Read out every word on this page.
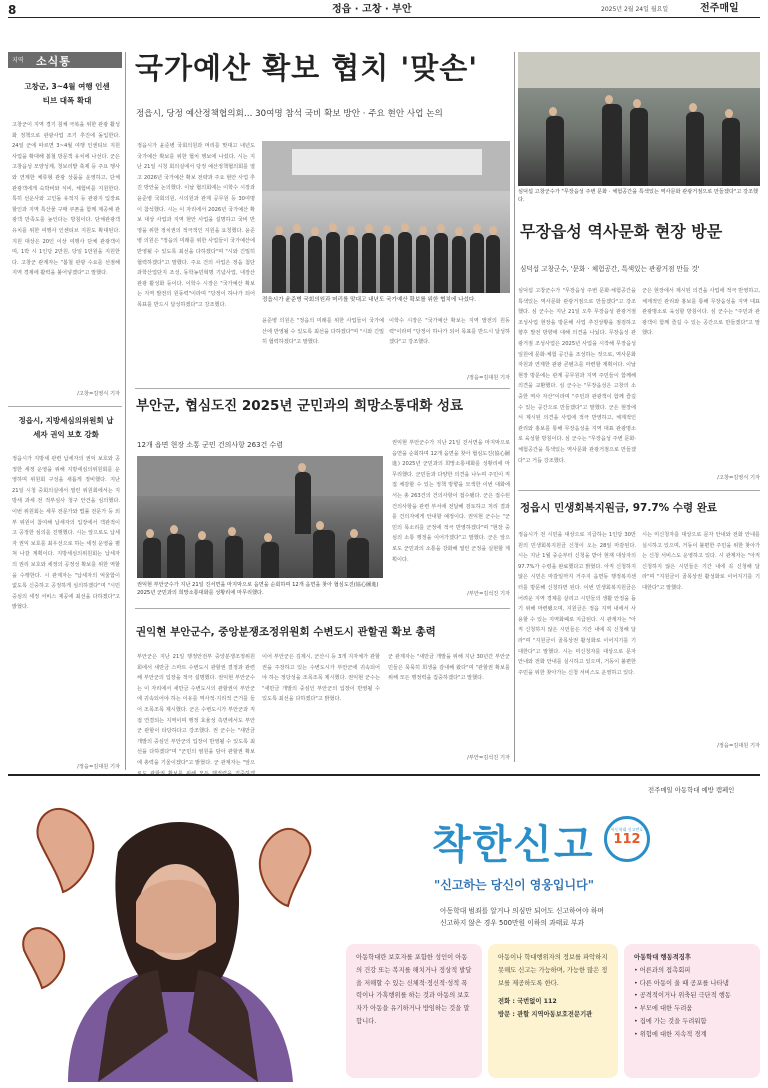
8	정읍 · 고창 · 부안	2025년 2월 24일 월요일	전주매일
지역 소식통
고창군, 3~4월 여행 인센티브 대폭 확대
고창군이 지역 경기 침체 극복을 위한 관광 활성화 정책으로 관광사업 조기 추진에 돌입한다. 24일 군에 따르면 3~4월 여행 인센티브 지원 사업을 확대해 봄철 방문객 유치에 나선다. 군은 고창읍성 모양성제, 청보리밭 축제 등 주요 행사와 연계한 체류형 관광 상품을 운영하고, 단체 관광객에게 숙박비와 식비, 체험비를 지원한다. 특히 선운사와 고인돌 유적지 등 관광지 입장료 할인과 지역 특산물 구매 쿠폰을 함께 제공해 관광객 만족도를 높인다는 방침이다. 단체관광객 유치를 위한 여행사 인센티브 지원도 확대된다. 지원 대상은 20인 이상 여행사 단체 관광객이며, 1박 시 1인당 2만원, 당일 1만원을 지원한다. 고창군 관계자는 "봄철 관광 수요를 선점해 지역 경제에 활력을 불어넣겠다"고 말했다.
/고창=김영식 기자
정읍시, 지방세심의위원회 납세자 권익 보호 강화
정읍시가 지방세 관련 납세자의 권익 보호와 공정한 세정 운영을 위해 지방세심의위원회를 운영하며 위원회 구성을 새롭게 정비했다. 지난 21일 시청 중회의실에서 열린 위원회에서는 지방세 과세 전 적부심사 청구 안건을 심의했다. 이번 위원회는 세무 전문가와 법률 전문가 등 외부 위원이 참여해 납세자의 입장에서 객관적이고 공정한 심의를 진행했다. 시는 앞으로도 납세자 권익 보호를 최우선으로 하는 세정 운영을 펼쳐 나갈 계획이다. 지방세심의위원회는 납세자의 권리 보호와 세정의 공정성 확보를 위한 역할을 수행한다. 시 관계자는 "납세자의 억울함이 없도록 신중하고 공정하게 심의하겠다"며 "시민 중심의 세정 서비스 제공에 최선을 다하겠다"고 밝혔다.
/정읍=김대원 기자
국가예산 확보 협치 '맞손'
정읍시, 당정 예산정책협의회… 30여명 참석 국비 확보 방안 · 주요 현안 사업 논의
정읍시가 윤준병 국회의원과 머리를 맞대고 내년도 국가예산 확보를 위한 협치 행보에 나섰다. 시는 지난 21일 시청 회의실에서 당정 예산정책협의회를 열고 2026년 국가예산 확보 전략과 주요 현안 사업 추진 방안을 논의했다. 이날 협의회에는 이학수 시장과 윤준병 국회의원, 시의원과 관계 공무원 등 30여명이 참석했다. 시는 이 자리에서 2026년 국가예산 확보 대상 사업과 지역 현안 사업을 설명하고 국비 반영을 위한 정치권의 적극적인 지원을 요청했다. 윤준병 의원은 "정읍의 미래를 위한 사업들이 국가예산에 반영될 수 있도록 최선을 다하겠다"며 "시와 긴밀히 협력하겠다"고 말했다. 주요 건의 사업은 정읍 첨단과학산업단지 조성, 동학농민혁명 기념사업, 내장산 관광 활성화 등이다. 이학수 시장은 "국가예산 확보는 지역 발전의 원동력"이라며 "당정이 하나가 되어 목표를 반드시 달성하겠다"고 강조했다.
정읍시가 윤준병 국회의원과 머리를 맞대고 내년도 국가예산 확보를 위한 협치에 나섰다.
윤준병 의원은 "정읍의 미래를 위한 사업들이 국가예산에 반영될 수 있도록 최선을 다하겠다"며 "시와 긴밀히 협력하겠다"고 말했다.
이학수 시장은 "국가예산 확보는 지역 발전의 원동력"이라며 "당정이 하나가 되어 목표를 반드시 달성하겠다"고 강조했다.
/정읍=김대원 기자
심덕섭 고창군수가 "무장읍성 주변 문화 · 체험공간을 특색있는 역사문화 관광거점으로 만들겠다"고 강조했다.
무장읍성 역사문화 현장 방문
심덕섭 고창군수, '문화 · 체험공간, 특색있는 관광거점 만들 것'
심덕섭 고창군수가 "무장읍성 주변 문화·체험공간을 특색있는 역사문화 관광거점으로 만들겠다"고 강조했다. 심 군수는 지난 21일 오후 무장읍성 관광거점 조성사업 현장을 방문해 사업 추진상황을 점검하고 향후 발전 방향에 대해 의견을 나눴다. 무장읍성 관광거점 조성사업은 2025년 사업을 시작해 무장읍성 일원에 문화·체험 공간을 조성하는 것으로, 역사문화 자원과 연계한 관광 콘텐츠를 마련할 계획이다. 이날 현장 방문에는 관계 공무원과 지역 주민들이 함께해 의견을 교환했다. 심 군수는 "무장읍성은 고창의 소중한 역사 자산"이라며 "주민과 관광객이 함께 즐길 수 있는 공간으로 만들겠다"고 말했다. 군은 현장에서 제시된 의견을 사업에 적극 반영하고, 체계적인 관리와 홍보를 통해 무장읍성을 지역 대표 관광명소로 육성할 방침이다. 심 군수는 "무장읍성 주변 문화·체험공간을 특색있는 역사문화 관광거점으로 만들겠다"고 거듭 강조했다.
군은 현장에서 제시된 의견을 사업에 적극 반영하고, 체계적인 관리와 홍보를 통해 무장읍성을 지역 대표 관광명소로 육성할 방침이다. 심 군수는 "주민과 관광객이 함께 즐길 수 있는 공간으로 만들겠다"고 말했다.
/고창=김영식 기자
부안군, 협심도진 2025년 군민과의 희망소통대화 성료
12개 읍면 현장 소통 군민 건의사항 263건 수렴
권익현 부안군수가 지난 21일 진서면을 마지막으로 읍면을 순회하며 12개 읍면을 찾아 협심도진(協心圖進) 2025년 군민과의 희망소통대화를 성황리에 마무리했다.
권익현 부안군수가 지난 21일 진서면을 마지막으로 읍면을 순회하며 12개 읍면을 찾아 협심도진(協心圖進) 2025년 군민과의 희망소통대화를 성황리에 마무리했다. 군민들과 다양한 의견을 나누며 주민이 직접 체감할 수 있는 정책 방향을 모색한 이번 대화에서는 총 263건의 건의사항이 접수됐다. 군은 접수된 건의사항을 관련 부서에 전달해 검토하고 처리 결과를 건의자에게 안내할 예정이다. 권익현 군수는 "군민의 목소리를 군정에 적극 반영하겠다"며 "현장 중심의 소통 행정을 이어가겠다"고 말했다. 군은 앞으로도 군민과의 소통을 강화해 열린 군정을 실현할 계획이다.
/부안=김석진 기자
권익현 부안군수, 중앙분쟁조정위원회 수변도시 관할권 확보 총력
부안군은 지난 21일 행정안전부 중앙분쟁조정위원회에서 새만금 스마트 수변도시 관할권 결정과 관련해 부안군의 입장을 적극 설명했다. 권익현 부안군수는 이 자리에서 새만금 수변도시의 관할권이 부안군에 귀속되어야 하는 이유를 역사적·지리적 근거를 들어 조목조목 제시했다. 군은 수변도시가 부안군과 직접 연결되는 지역이며 행정 효율성 측면에서도 부안군 관할이 타당하다고 강조했다. 권 군수는 "새만금 개발의 중심인 부안군의 입장이 반영될 수 있도록 최선을 다하겠다"며 "군민의 염원을 담아 관할권 확보에 총력을 기울이겠다"고 밝혔다. 군 관계자는 "앞으
이어 부안군은 김제시, 군산시 등 3개 지자체가 관할권을 주장하고 있는 수변도시가 부안군에 귀속되어야 하는 정당성을 조목조목 제시했다. 권익현 군수는 "새만금 개발의 중심인 부안군의 입장이 반영될 수 있도록 최선을 다하겠다"고 밝혔다.
군 관계자는 "새만금 개발을 위해 지난 30년간 부안군민들은 묵묵히 희생을 감내해 왔다"며 "관할권 확보를 위해 모든 행정력을 집중하겠다"고 말했다.
/부안=김석진 기자
정읍시 민생회복지원금, 97.7% 수령 완료
정읍시가 전 시민을 대상으로 지급하는 1인당 30만원의 민생회복지원금 신청이 오는 28일 마감된다. 시는 지난 1월 중순부터 신청을 받아 현재 대상자의 97.7%가 수령을 완료했다고 밝혔다. 아직 신청하지 않은 시민은 마감일까지 거주지 읍면동 행정복지센터를 방문해 신청하면 된다. 이번 민생회복지원금은 어려운 지역 경제를 살리고 시민들의 생활 안정을 돕기 위해 마련됐으며, 지원금은 정읍 지역 내에서 사용할 수 있는 지역화폐로 지급된다. 시 관계자는 "아직 신청하지 않은 시민들은 기간 내에 꼭 신청해 달라"며 "지원금이 골목상권 활성화로 이어지기를 기대한다"고 말했다. 시는 미신청자를 대상으로 문자 안내와 전화 안내를 실시하고 있으며, 거동이 불편한 주민을 위한 찾아가는 신청 서비스도 운영하고 있다.
시는 미신청자를 대상으로 문자 안내와 전화 안내를 실시하고 있으며, 거동이 불편한 주민을 위한 찾아가는 신청 서비스도 운영하고 있다. 시 관계자는 "아직 신청하지 않은 시민들은 기간 내에 꼭 신청해 달라"며 "지원금이 골목상권 활성화로 이어지기를 기대한다"고 말했다.
/정읍=김대원 기자
전주매일 아동학대 예방 캠페인
착한신고	아동학대 신고번호
112
"신고하는 당신이 영웅입니다"
아동학대 범죄를 알거나 의심만 되어도 신고하여야 하며
신고하지 않은 경우 500만원 이하의 과태료 부과
아동학대란 보호자를 포함한 성인이 아동의 건강 또는 복지를 해치거나 정상적 발달을 저해할 수 있는 신체적·정신적·성적 폭력이나 가혹행위를 하는 것과 아동의 보호자가 아동을 유기하거나 방임하는 것을 말합니다.
아동이나 학대행위자의 정보를 파악하지 못해도 신고는 가능하며, 가능한 많은 정보를 제공하도록 한다.
전화 : 국번없이 112
방문 : 관할 지역아동보호전문기관
아동학대 행동적징후
• 어른과의 접촉회피
• 다른 아동이 울 때 공포를 나타냄
• 공격적이거나 위축된 극단적 행동
• 부모에 대한 두려움
• 집에 가는 것을 두려워함
• 위험에 대한 지속적 경계
